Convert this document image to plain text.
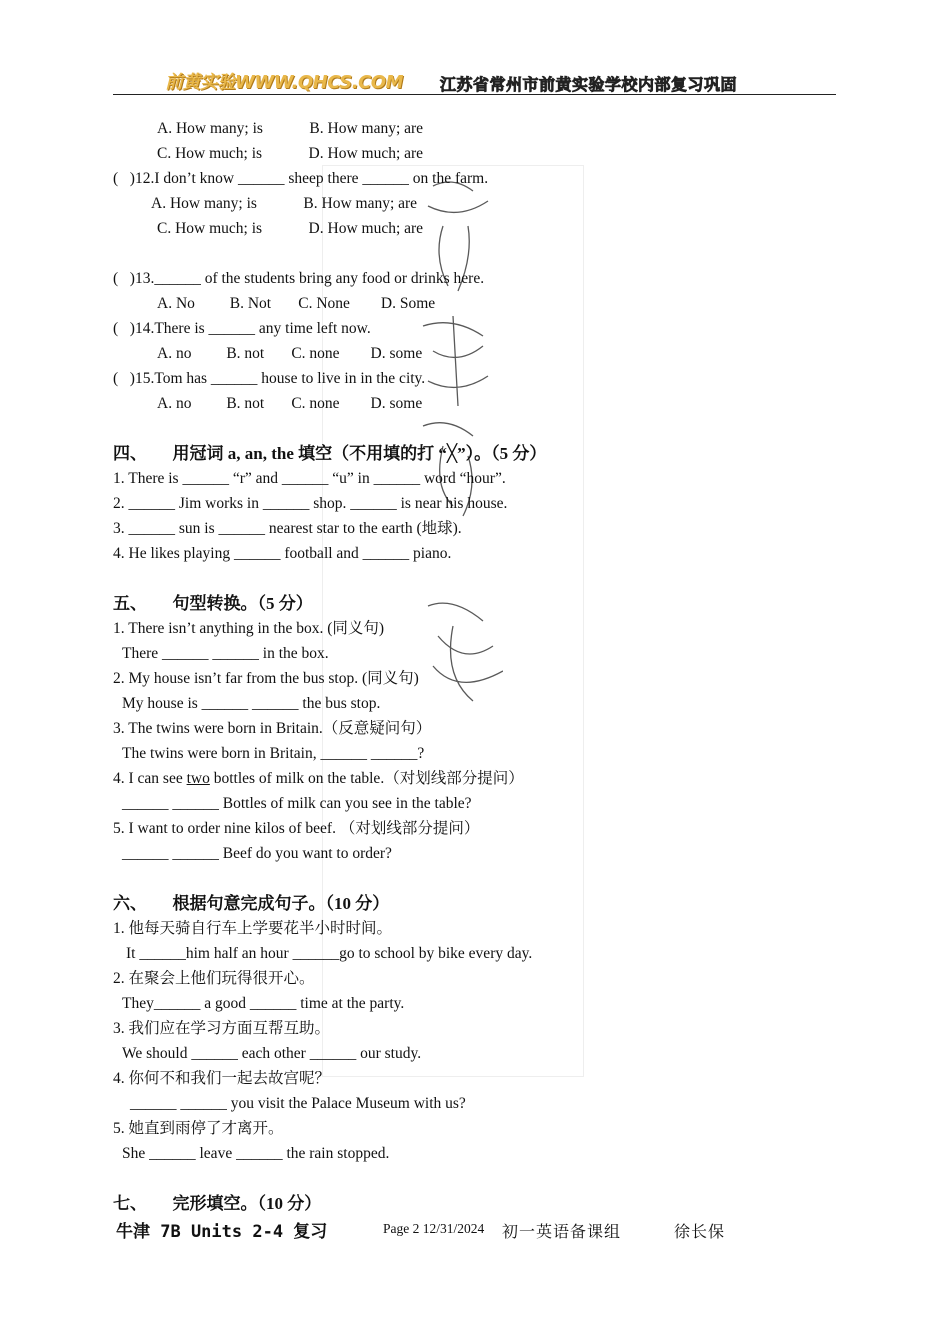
前黄实验WWW.QHCS.COM 江苏省常州市前黄实验学校内部复习巩固
A. How many; is            B. How many; are
C. How much; is            D. How much; are
(   )12.I don’t know ______ sheep there ______ on the farm.
A. How many; is            B. How many; are
C. How much; is            D. How much; are
(   )13.______ of the students bring any food or drinks here.
A. No         B. Not       C. None        D. Some
(   )14.There is ______ any time left now.
A. no         B. not       C. none        D. some
(   )15.Tom has ______ house to live in in the city.
A. no         B. not       C. none        D. some
四、      用冠词 a, an, the 填空（不用填的打 “╳”）。（5 分）
1. There is ______ “r” and ______ “u” in ______ word “hour”.
2. ______ Jim works in ______ shop. ______ is near his house.
3. ______ sun is ______ nearest star to the earth (地球).
4. He likes playing ______ football and ______ piano.
五、      句型转换。（5 分）
1. There isn’t anything in the box. (同义句)
There ______ ______ in the box.
2. My house isn’t far from the bus stop. (同义句)
My house is ______ ______ the bus stop.
3. The twins were born in Britain.（反意疑问句）
The twins were born in Britain, ______ ______?
4. I can see two bottles of milk on the table.（对划线部分提问）
______ ______ Bottles of milk can you see in the table?
5. I want to order nine kilos of beef. （对划线部分提问）
______ ______ Beef do you want to order?
六、      根据句意完成句子。（10 分）
1. 他每天骑自行车上学要花半小时时间。
It ______him half an hour ______go to school by bike every day.
2. 在聚会上他们玩得很开心。
They______ a good ______ time at the party.
3. 我们应在学习方面互帮互助。
We should ______ each other ______ our study.
4. 你何不和我们一起去故宫呢？
______ ______ you visit the Palace Museum with us?
5. 她直到雨停了才离开。
She ______ leave ______ the rain stopped.
七、      完形填空。（10 分）
牛津 7B Units 2-4 复习	Page 2 12/31/2024 初一英语备课组	徐长保
